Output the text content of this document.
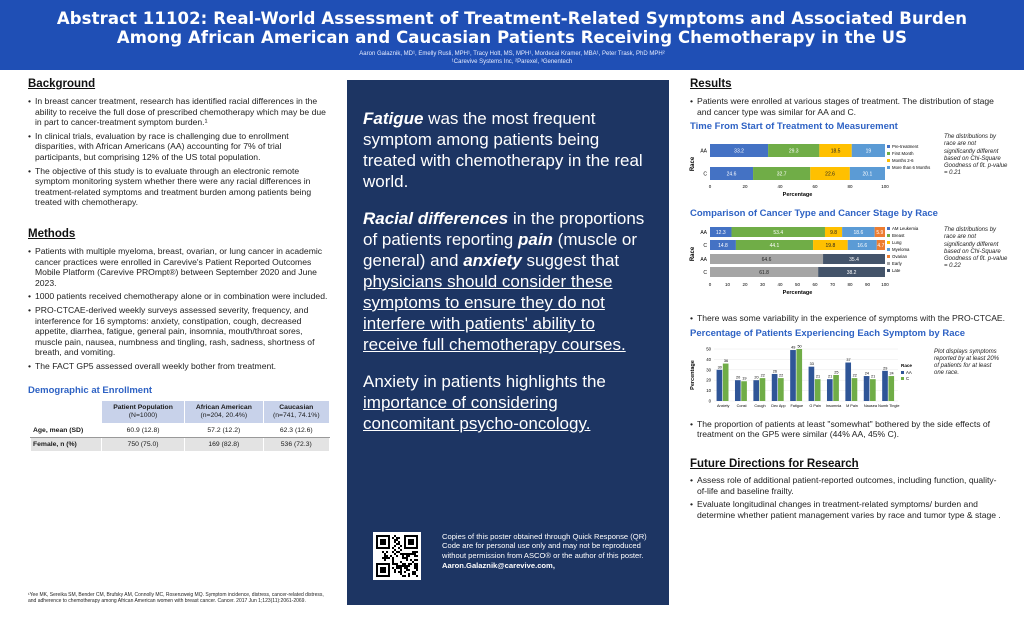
Abstract 11102: Real-World Assessment of Treatment-Related Symptoms and Associated Burden
Among African American and Caucasian Patients Receiving Chemotherapy in the US
Aaron Galaznik, MD¹, Emelly Rusli, MPH¹, Tracy Holt, MS, MPH¹, Mordecai Kramer, MBA¹, Peter Trask, PhD MPH²
¹Carevive Systems Inc, ²Parexel, ³Genentech
Background
• In breast cancer treatment, research has identified racial differences in the ability to receive the full dose of prescribed chemotherapy which may be due in part to cancer-treatment symptom burden.¹
• In clinical trials, evaluation by race is challenging due to enrollment disparities, with African Americans (AA) accounting for 7% of trial participants, but comprising 12% of the US total population.
• The objective of this study is to evaluate through an electronic remote symptom monitoring system whether there were any racial differences in treatment-related symptoms and treatment burden among patients being treated with chemotherapy.
Methods
• Patients with multiple myeloma, breast, ovarian, or lung cancer in academic cancer practices were enrolled in Carevive's Patient Reported Outcomes Mobile Platform (Carevive PROmpt®) between September 2020 and June 2023.
• 1000 patients received chemotherapy alone or in combination were included.
• PRO-CTCAE-derived weekly surveys assessed severity, frequency, and interference for 16 symptoms: anxiety, constipation, cough, decreased appetite, diarrhea, fatigue, general pain, insomnia, mouth/throat sores, muscle pain, nausea, numbness and tingling, rash, sadness, shortness of breath, and vomiting.
• The FACT GP5 assessed overall weekly bother from treatment.
Demographic at Enrollment
	Patient Population
(N=1000)	African American
(n=204, 20.4%)	Caucasian
(n=741, 74.1%)

Age, mean (SD)	60.9 (12.8)	57.2 (12.2)	62.3 (12.6)
Female, n (%)	750 (75.0)	169 (82.8)	536 (72.3)
¹Yee MK, Sereika SM, Bender CM, Brufsky AM, Connolly MC, Rosenzweig MQ. Symptom incidence, distress, cancer-related distress, and adherence to chemotherapy among African American women with breast cancer. Cancer. 2017 Jun 1;123(11):2061-2069.
Fatigue was the most frequent symptom among patients being treated with chemotherapy in the real world.
Racial differences in the proportions of patients reporting pain (muscle or general) and anxiety suggest that physicians should consider these symptoms to ensure they do not interfere with patients' ability to receive full chemotherapy courses.
Anxiety in patients highlights the importance of considering concomitant psycho-oncology.
Copies of this poster obtained through Quick Response (QR) Code are for personal use only and may not be reproduced without permission from ASCO® or the author of this poster.
Aaron.Galaznik@carevive.com,
Results
• Patients were enrolled at various stages of treatment. The distribution of stage and cancer type was similar for AA and C.
Time From Start of Treatment to Measurement
Race
AA	33.2	29.3	18.5	19
C	24.6	32.7	22.6	20.1
0	20	40	60	80	100
Percentage
Pre-treatment
First Month
Months 2-6
More than 6 Months
The distributions by race are not significantly different based on Chi-Square Goodness of fit. p-value = 0.21
Comparison of Cancer Type and Cancer Stage by Race
Race
AA 12.3	53.4	9.8	18.6	5.9
C 14.8	44.1	19.8	16.6 4.7
AA	64.6	35.4
C	61.8	38.2
0	10	20	30	40	50	60	70	80	90 100
Percentage
AM Leukemia
Breast
Lung
Myeloma
Ovarian
Early
Late
The distributions by race are not significantly different based on Chi-Square Goodness of fit. p-value = 0.22
• There was some variability in the experience of symptoms with the PRO-CTCAE.
Percentage of Patients Experiencing Each Symptom by Race
Percentage
0
10
20
30
40
50
30
36
Anxiety
20 19
Const
20
22
Cough
26
22
Dec App
49 50
Fatigue
33
21
G Pain
21
25
Insomnia
37
22
M Pain
24
21
Nausea
29
24
Numb Tingle
Race
AA
C
Plot displays symptoms reported by at least 20% of patients for at least one race.
• The proportion of patients at least "somewhat" bothered by the side effects of treatment on the GP5 were similar (44% AA, 45% C).
Future Directions for Research
• Assess role of additional patient-reported outcomes, including function, quality-of-life and baseline frailty.
• Evaluate longitudinal changes in treatment-related symptoms/ burden and determine whether patient management varies by race and tumor type & stage .
